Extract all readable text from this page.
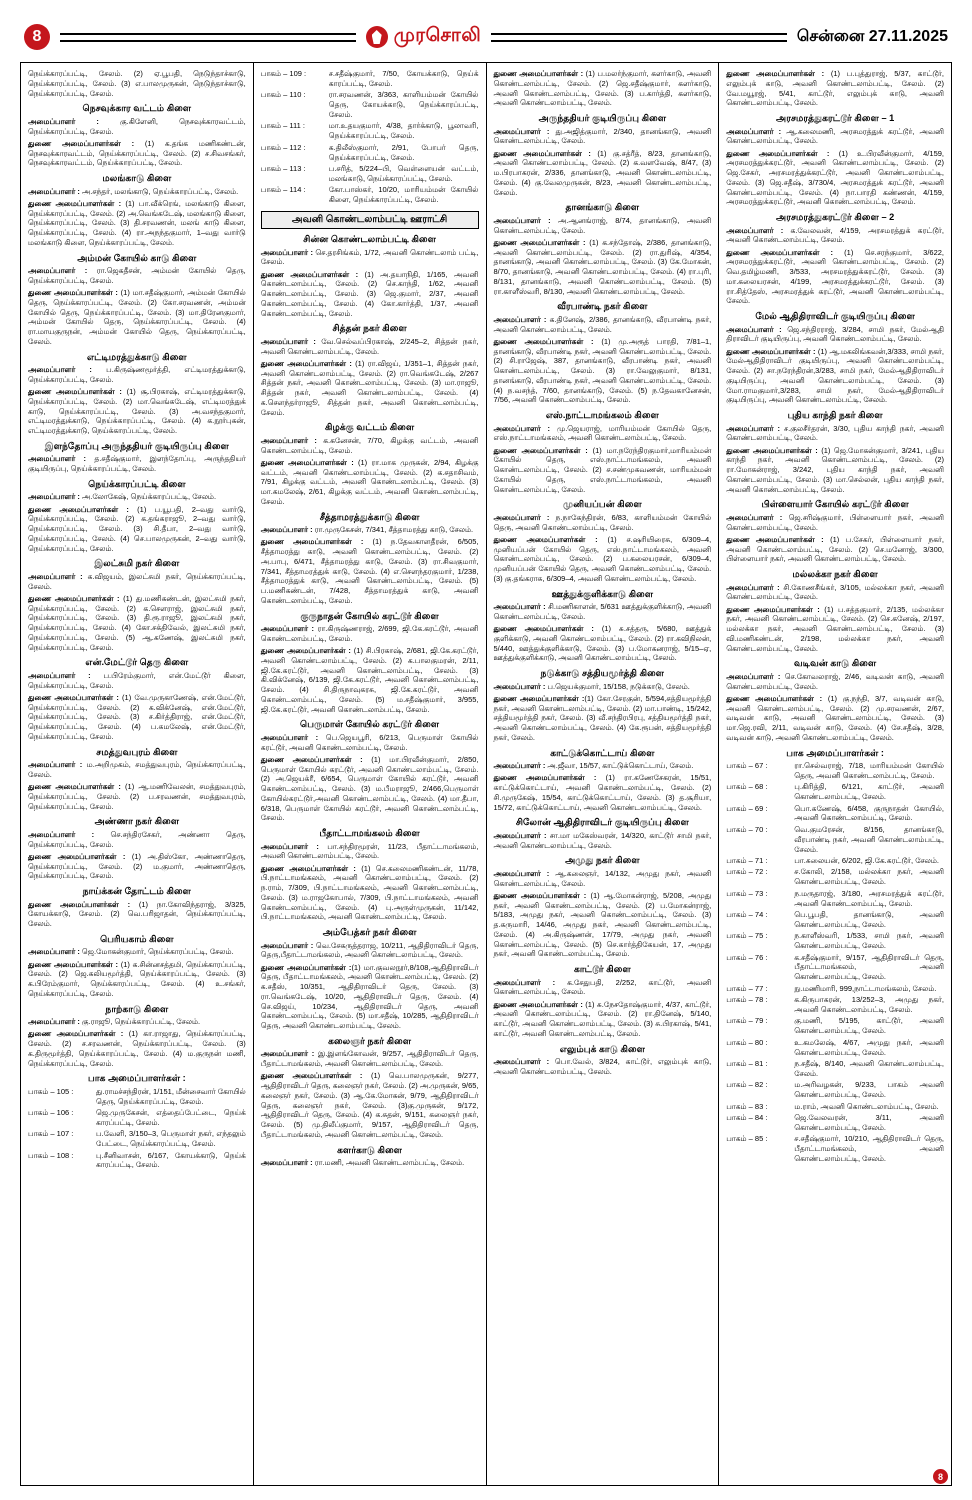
8	முரசொலி	சென்னை 27.11.2025

நெய்க்காரப்பட்டி, சேலம். (2) ஏ.பூபதி, நெடுந்தாச்காடு, நெய்க்காரப்பட்டி, சேலம். (3) எ.பாலமுருகன், நெடுந்தாச்காடு, நெய்க்காரப்பட்டி, சேலம்.

நெசவுக்கார வட்டம் கிளை

அமைப்பாளர் : கு.கிளேனி, நெசவுக்காரவட்டம், நெய்க்காரப்பட்டி, சேலம்.

துணை அமைப்பாளர்கள் : (1) க.தங்க மணிகண்டன், நெசவுக்காரவட்டம், நெய்க்காரப்பட்டி, சேலம். (2) ச.சிவசங்கர், நெசவுக்காரவட்டம், நெய்க்காரப்பட்டி, சேலம்.

மலங்காடு கிளை

அமைப்பாளர் : அ.சந்தர், மலங்காடு, நெய்க்காரப்பட்டி, சேலம்.

துணை அமைப்பாளர்கள் : (1) பா.வீக்ரெங், மலங்காடு கிளை, நெய்க்காரப்பட்டி, சேலம். (2) அ.வெங்கடேஷ், மலங்காடு கிளை, நெய்க்காரப்பட்டி, சேலம். (3) தி.சரவணன், மலங் காடு கிளை, நெய்க்காரப்பட்டி, சேலம். (4) ரா.அநந்தகுமார், 1–வது வார்டு மலங்காடு கிளை, நெய்க்காரப்பட்டி, சேலம்.

அம்மன் கோயில் காடு கிளை

அமைப்பாளர் : ரா.ஜெகதீசன், அம்மன் கோயில் தெரு, நெய்க்காரப்பட்டி, சேலம்.

துணை அமைப்பாளர்கள் : (1) மா.சதீஷ்குமார், அம்மன் கோயில் தெரு, நெய்க்காரப்பட்டி, சேலம். (2) கோ.சரவணன், அம்மன் கோயில் தெரு, நெய்க்காரப்பட்டி, சேலம். (3) மா.திரேனகுமார், அம்மன் கோயில் தெரு, நெய்க்காரப்பட்டி, சேலம். (4) ரா.மாயகுருநன், அம்மன் கோயில் தெரு, நெய்க்காரப்பட்டி, சேலம்.

எட்டிமரத்துக்காடு கிளை

அமைப்பாளர் : ப.கிருஷ்ணமூர்த்தி, எட்டிமரத்துக்காடு, நெய்க்காரப்பட்டி, சேலம்.

துணை அமைப்பாளர்கள் : (1) சூ.பிரகாஷ், எட்டிமரத்துக்காடு, நெய்க்காரப்பட்டி, சேலம். (2) மா.வெங்கடேஷ், எட்டிமரத்துக் காடு, நெய்க்காரப்பட்டி, சேலம். (3) அ.வசந்தகுமார், எட்டிமரத்துக்காடு, நெய்க்காரப்பட்டி, சேலம். (4) க.நூர்புகன், எட்டிமரத்துக்காடு, நெய்க்காரப்பட்டி, சேலம்.

இளந்தோப்பு அருந்ததியர் குடியிருப்பு கிளை

அமைப்பாளர் : த.சதீஷ்குமார், இளந்தோப்பு, அருந்ததியர் குடியிருப்பு, நெய்க்காரப்பட்டி, சேலம்.

நெய்க்காரப்பட்டி கிளை

அமைப்பாளர் : அ.லோகேஷ், நெய்க்காரப்பட்டி, சேலம்.

துணை அமைப்பாளர்கள் : (1) ப.யூபதி, 2–வது வார்டு, நெய்க்காரப்பட்டி, சேலம். (2) க.தங்கராஜூ, 2–வது வார்டு, நெய்க்காரப்பட்டி, சேலம். (3) சி.தீபா, 2–வது வார்டு, நெய்க்காரப்பட்டி, சேலம். (4) செ.பாலமுருகன், 2–வது வார்டு, நெய்க்காரப்பட்டி, சேலம்.

இலட்சுமி நகர் கிளை

அமைப்பாளர் : க.விஜயம், இலட்சுமி நகர், நெய்க்காரப்பட்டி, சேலம்.

துணை அமைப்பாளர்கள் : (1) து.மணிகண்டன், இலட்சுமி நகர், நெய்க்காரப்பட்டி, சேலம். (2) க.செளராஜ், இலட்சுமி நகர், நெய்க்காரப்பட்டி, சேலம். (3) தி.ரூ.ராஜூ, இலட்சுமி நகர், நெய்க்காரப்பட்டி, சேலம். (4) கோ.சக்திவேல், இலட்சுமி நகர், நெய்க்காரப்பட்டி, சேலம். (5) ஆ.கணேஷ், இலட்சுமி நகர், நெய்க்காரப்பட்டி, சேலம்.

என்.மேட்டூர் தெரு கிளை

அமைப்பாளர் : ப.பிரேம்குமார், என்.மேட்டூர் கிளை, நெய்க்காரப்பட்டி, சேலம்.

துணை அமைப்பாளர்கள் : (1) வே.முருகாணேஷ், என்.மேட்டூர், நெய்க்காரப்பட்டி, சேலம். (2) க.விக்னேஷ், என்.மேட்டூர், நெய்க்காரப்பட்டி, சேலம். (3) ச.கிர்த்திராஜ், என்.மேட்டூர், நெய்க்காரப்பட்டி, சேலம். (4) ப.கமலேஷ், என்.மேட்டூர், நெய்க்காரப்பட்டி, சேலம்.

சமத்துவபுரம் கிளை

அமைப்பாளர் : ம.அறிமுகம், சமத்துவபுரம், நெய்க்காரப்பட்டி, சேலம்.

துணை அமைப்பாளர்கள் : (1) ஆ.மணிவேலன், சமத்துவபுரம், நெய்க்காரப்பட்டி, சேலம். (2) ப.சரவணன், சமத்துவபுரம், நெய்க்காரப்பட்டி, சேலம்.

அண்ணா நகர் கிளை

அமைப்பாளர் : செ.சந்திரசேகர், அண்ணா தெரு, நெய்க்காரப்பட்டி, சேலம்.

துணை அமைப்பாளர்கள் : (1) அ.திஸ்கோ, அண்ணாதெரு, நெய்க்காரப்பட்டி, சேலம். (2) ம.குமார், அண்ணாதெரு, நெய்க்காரப்பட்டி, சேலம்.

நாய்க்கன் தோட்டம் கிளை

துணை அமைப்பாளர்கள் : (1) நா.கோவிந்தராஜ், 3/325, கோயக்காடு, சேலம். (2) வெ.பரிஜாதன், நெய்க்காரப்பட்டி, சேலம்.

பெரியகாம் கிளை

அமைப்பாளர் : ஜெ.மோகன்குமார், நெய்க்காரப்பட்டி, சேலம்.

துணை அமைப்பாளர்கள் : (1) க.சின்னசத்தமி, நெய்க்காரப்பட்டி, சேலம். (2) ஜெ.கலியமூர்த்தி, நெய்க்காரப்பட்டி, சேலம். (3) க.பிரேம்குமார், நெய்க்காரப்பட்டி, சேலம். (4) உ.சங்கர், நெய்க்காரப்பட்டி, சேலம்.

நாற்காடு கிளை

அமைப்பாளர் : கு.ராஜூ, நெய்க்காரப்பட்டி, சேலம்.

துணை அமைப்பாளர்கள் : (1) கா.ராஜாது, நெய்க்காரப்பட்டி, சேலம். (2) ச.சரவணன், நெய்க்காரப்பட்டி, சேலம். (3) க.திருமூர்த்தி, நெய்க்காரப்பட்டி, சேலம். (4) ம.குருநன் மணி, நெய்க்காரப்பட்டி, சேலம்.

பாக அமைப்பாளர்கள் :
பாகம் – 105 :	து.ராமச்சந்திரன், 1/151, மீன்சைவார் கோயில் தெரு, நெய்க்காரப்பட்டி, சேலம்.
பாகம் – 106 :	ஜெ.முருகேசன், எத்தைப்பேட்டை, நெய்க் காரப்பட்டி, சேலம்.
பாகம் – 107 :	ப.வேளி, 3/150–3, பெருமாள் நகர், எந்தலும் பேட்டை, நெய்க்காரப்பட்டி, சேலம்.
பாகம் – 108 :	பு.சீனிவாசன், 6/167, கோயக்காடு, நெய்க் காரப்பட்டி, சேலம்.
பாகம் – 109 :	ச.சதீஷ்குமார், 7/50, கோயக்காடு, நெய்க் காரப்பட்டி, சேலம்.
பாகம் – 110 :	ரா.சரவணன், 3/363, காளியம்மன் கோயில் தெரு, கோயக்காடு, நெய்க்காரப்பட்டி, சேலம்.
பாகம் – 111 :	மா.உதயகுமார், 4/38, தார்க்காடு, பூலாவரி, நெய்க்காரப்பட்டி, சேலம்.
பாகம் – 112 :	க.திலீஸ்குமார், 2/91, போபர் தெரு, நெய்க்காரப்பட்டி, சேலம்.
பாகம் – 113 :	ப.சரித், 5/224–பி, வெள்ளையன் வட்டம், மலங்காடு, நெய்க்காரப்பட்டி, சேலம்.
பாகம் – 114 :	கோ.பாஸ்கர், 10/20, மாரியம்மன் கோயில் கிளை, நெய்க்காரப்பட்டி, சேலம்.
அவனி கொண்டலாம்பட்டி ஊராட்சி
சின்ன கொண்டலாம்பட்டி கிளை

அமைப்பாளர் : செ.தரசிங்கம், 1/72, அவனி கொண்டலாம் பட்டி, சேலம்.

துணை அமைப்பாளர்கள் : (1) அ.தயாநிதி, 1/165, அவனி கொண்டலாம்பட்டி, சேலம். (2) செ.காந்தி, 1/62, அவனி கொண்டலாம்பட்டி, சேலம். (3) ஜெ.குமார், 2/37, அவனி கொண்டலாம்பட்டி, சேலம். (4) கோ.கார்த்தி, 1/37, அவனி கொண்டலாம்பட்டி, சேலம்.

சித்தன் நகர் கிளை

அமைப்பாளர் : வே.செல்வப்பிரகாஷ், 2/245–2, சித்தன் நகர், அவனி கொண்டலாம்பட்டி, சேலம்.

துணை அமைப்பாளர்கள் : (1) ரா.விஜய், 1/351–1, சித்தன் நகர், அவனி கொண்டலாம்பட்டி, சேலம். (2) ரா.வெங்கடேஷ், 2/267 சித்தன் நகர், அவனி கொண்டலாம்பட்டி, சேலம். (3) மா.ராஜூ, சித்தன் நகர், அவனி கொண்டலாம்பட்டி, சேலம். (4) க.செளந்தர்ராஜூ, சித்தன் நகர், அவனி கொண்டலாம்பட்டி, சேலம்.

கிழக்கு வட்டம் கிளை

அமைப்பாளர் : க.கனேசன், 7/70, கிழக்கு வட்டம், அவனி கொண்டலாம்பட்டி, சேலம்.

துணை அமைப்பாளர்கள் : (1) ரா.மாக முருகன், 2/94, கிழக்கு வட்டம், அவனி கொண்டலாம்பட்டி, சேலம். (2) க.சதாசிவம், 7/91, கிழக்கு வட்டம், அவனி கொண்டலாம்பட்டி, சேலம். (3) மா.கமலேஷ், 2/61, கிழக்கு வட்டம், அவனி கொண்டலாம்பட்டி, சேலம்.

சீத்தாமரத்துக்காடு கிளை

அமைப்பாளர் : ரா.முருகேசன், 7/341, சீத்தாமரத்து காடு, சேலம்.

துணை அமைப்பாளர்கள் : (1) ந.தேவகாளதீரன், 6/505, சீத்தாமரத்து காடு, அவனி கொண்டலாம்பட்டி, சேலம். (2) அ.பாபு, 6/471, சீத்தாமரத்து காடு, சேலம். (3) ரா.சிவகுமார், 7/341, சீத்தாமரத்துக் காடு, சேலம். (4) எ.செளந்தரகுமார், 1/238, சீத்தாமரத்துக் காடு, அவனி கொண்டலாம்பட்டி, சேலம். (5) ப.மணிகண்டன், 7/428, சீத்தாமரத்துக் காடு, அவனி கொண்டலாம்பட்டி, சேலம்.

குருநாதன் கோயில் கரட்டூர் கிளை

அமைப்பாளர் : ரா.கிருஷ்ணராஜ், 2/699, ஜி.கே.கரட்டூர், அவனி கொண்டலாம்பட்டி, சேலம்.

துணை அமைப்பாளர்கள் : (1) சி.பிரகாஷ், 2/681, ஜி.கே.கரட்டூர், அவனி கொண்டலாம்பட்டி, சேலம். (2) க.பாலகுமரன், 2/11, ஜி.கே.கரட்டூர், அவனி கொண்டலாம்பட்டி, சேலம். (3) கி.விக்னேஷ், 6/139, ஜி.கே.கரட்டூர், அவனி கொண்டலாம்பட்டி, சேலம். (4) சி.திருநாவுகரசு, ஜி.கே.கரட்டூர், அவனி கொண்டலாம்பட்டி, சேலம். (5) ம.சதீஷ்குமார், 3/955, ஜி.கே.கரட்டூர், அவனி கொண்டலாம்பட்டி, சேலம்.

பெருமாள் கோயில் கரட்டூர் கிளை

அமைப்பாளர் : பெ.ஜெயபூரி, 6/213, பெருமாள் கோயில் கரட்டூர், அவனி கொண்டலாம்பட்டி, சேலம்.

துணை அமைப்பாளர்கள் : (1) மா.பிரவீன்குமார், 2/850, பெருமாள் கோயில் கரட்டூர், அவனி கொண்டலாம்பட்டி, சேலம். (2) அ.ஜெயக்ரீ, 6/654, பெருமாள் கோயில் கரட்டூர், அவனி கொண்டலாம்பட்டி, சேலம். (3) ம.பீமராஜூ, 2/466,பெருமாள் கோயில்கரட்டூர்,அவனி கொண்டலாம்பட்டி, சேலம். (4) மா.தீபா, 6/318, பெருமாள் கோயில் கரட்டூர், அவனி கொண்டலாம்பட்டி, சேலம்.

பீதாட்டாமங்கலம் கிளை

அமைப்பாளர் : பா.சந்திரமூரன், 11/23, பீதாட்டாமங்கலம், அவனி கொண்டலாம்பட்டி, சேலம்.

துணை அமைப்பாளர்கள் : (1) செ.கலைமணிகண்டன், 11/78, பி.நாட்டாமங்கலம், அவனி கொண்டலாம்பட்டி, சேலம். (2) ந.ராம், 7/309, பி.நாட்டாமங்கலம், அவனி கொண்டலாம்பட்டி, சேலம். (3) ம.ராஜகோபால், 7/309, பி.நாட்டாமங்கலம், அவனி கொண்டலாம்பட்டி, சேலம். (4) பு.அருள்முருகன், 11/142, பி.நாட்டாமங்கலம், அவனி கொண்டலாம்பட்டி, சேலம்.

அம்பேத்கர் நகர் கிளை

அமைப்பாளர் : வெ.சேகருத்தராஜ, 10/211, ஆதிதிராவிடர் தெரு, தெரு,பீதாட்டாமங்கலம், அவனி கொண்டலாம்பட்டி, சேலம்.

துணை அமைப்பாளர்கள் :(1) மா.குவலநூர்,8/108,ஆதிதிராவிடர் தெரு, பீதாட்டாமங்கலம், அவனி கொண்டலாம்பட்டி, சேலம். (2) க.சதீஸ், 10/351, ஆதிதிராவிடர் தெரு, சேலம். (3) ரா.வெங்கடேஷ், 10/20, ஆதிதிராவிடர் தெரு, சேலம். (4) செ.விஜய், 10/234, ஆதிதிராவிடர் தெரு, அவனி கொண்டலாம்பட்டி, சேலம். (5) மா.சதீஷ், 10/285, ஆதிதிராவிடர் தெரு, அவனி கொண்டலாம்பட்டி, சேலம்.

கலைஞர் நகர் கிளை

அமைப்பாளர் : இ.இளங்கோவன், 9/257, ஆதிதிராவிடர் தெரு, பீதாட்டாமங்கலம், அவனி கொண்டலாம்பட்டி, சேலம்.

துணை அமைப்பாளர்கள் : (1) வெ.பாலமுருகன், 9/277, ஆதிதிராவிடர் தெரு, கலைஞர் நகர், சேலம். (2) அ.முருகன், 9/65, கலைஞர் நகர், சேலம். (3) ஆ.கே.மோகன், 9/79, ஆதிதிராவிடர் தெரு, கலைஞர் நகர், சேலம். (3)கு.முருகன், 9/172, ஆதிதிராவிடர் தெரு, சேலம். (4) க.சுதன், 9/151, கலைஞர் நகர், சேலம். (5) மு.திலீப்குமார், 9/157, ஆதிதிராவிடர் தெரு, பீதாட்டாமங்கலம், அவனி கொண்டலாம்பட்டி, சேலம்.

களர்காடு கிளை

அமைப்பாளர் : ரா.மணி, அவனி கொண்டலாம்பட்டி, சேலம்.

துணை அமைப்பாளர்கள் : (1) ப.மலர்ந்குமார், களர்காடு, அவனி கொண்டலாம்பட்டி, சேலம். (2) ஜெ.சதீஷ்குமார், களர்காடு, அவனி கொண்டலாம்பட்டி, சேலம். (3) ப.கார்த்தி, களர்காடு, அவனி கொண்டலாம்பட்டி, சேலம்.

அருந்ததியர் குடியிருப்பு கிளை

அமைப்பாளர் : து.அஜித்குமார், 2/340, தானங்காடு, அவனி கொண்டலாம்பட்டி, சேலம்.

துணை அமைப்பாளர்கள் : (1) கு.சத்ரீத், 8/23, தானங்காடு, அவனி கொண்டலாம்பட்டி, சேலம். (2) க.வளவேஷ், 8/47, (3) ம.பிரபாகரன், 2/336, தானங்காடு, அவனி கொண்டலாம்பட்டி, சேலம். (4) கு.வேலமுருகன், 8/23, அவனி கொண்டலாம்பட்டி, சேலம்.

தானங்காடு கிளை

அமைப்பாளர் : அ.ஆனங்ராஜ், 8/74, தானங்காடு, அவனி கொண்டலாம்பட்டி, சேலம்.

துணை அமைப்பாளர்கள் : (1) க.சந்தோஷ், 2/386, தானங்காடு, அவனி கொண்டலாம்பட்டி, சேலம். (2) ரா.துரிஷ், 4/354, தானங்காடு, அவனி கொண்டலாம்பட்டி, சேலம். (3) கே.மோகன், 8/70, தானங்காடு, அவனி கொண்டலாம்பட்டி, சேலம். (4) ரா.புரி, 8/131, தானங்காடு, அவனி கொண்டலாம்பட்டி, சேலம். (5) ரா.காளீஸ்வரி, 8/130, அவனி கொண்டலாம்பட்டி, சேலம்.

வீரபாண்டி நகர் கிளை

அமைப்பாளர் : க.தினேஷ், 2/386, தானங்காடு, வீரபாண்டி நகர், அவனி கொண்டலாம்பட்டி, சேலம்.

துணை அமைப்பாளர்கள் : (1) மு.அரூத் பாரதி, 7/81–1, தானங்காடு, வீரபாண்டி நகர், அவனி கொண்டலாம்பட்டி, சேலம். (2) சி.ராஜேஷ், 387, தானங்காடு, வீரபாண்டி நகர், அவனி கொண்டலாம்பட்டி, சேலம். (3) ரா.வேலுகுமார், 8/131, தானங்காடு, வீரபாண்டி நகர், அவனி கொண்டலாம்பட்டி, சேலம். (4) ந.வசந்த், 7/60, தானங்காடு, சேலம். (5) ந.தேவகானேசன், 7/56, அவனி கொண்டலாம்பட்டி, சேலம்.

எஸ்.நாட்டாமங்கலம் கிளை

அமைப்பாளர் : மு.ஜெயராஜ், மாரியம்மன் கோயில் தெரு, எஸ்.நாட்டாமங்கலம், அவனி கொண்டலாம்பட்டி, சேலம்.

துணை அமைப்பாளர்கள் : (1) மா.நரேந்திரகுமார்,மாரியம்மன் கோயில் தெரு, எஸ்.நாட்டாமங்கலம், அவனி கொண்டலாம்பட்டி, சேலம். (2) ச.சண்முகவணன், மாரியம்மன் கோயில் தெரு, எஸ்.நாட்டாமங்கலம், அவனி கொண்டலாம்பட்டி, சேலம்.

முனியப்பன் கிளை

அமைப்பாளர் : ந.நாகேந்திரன், 6/83, காளியம்மன் கோயில் தெரு, அவனி கொண்டலாம்பட்டி, சேலம்.

துணை அமைப்பாளர்கள் : (1) ச.ஷரியிரைசு, 6/309–4, முனியப்பன் கோயில் தெரு, எஸ்.நாட்டாமங்கலம், அவனி கொண்டலாம்பட்டி, சேலம். (2) ப.கலையரசன், 6/309–4, முனியப்பன் கோயில் தெரு, அவனி கொண்டலாம்பட்டி, சேலம். (3) கு.தங்கராசு, 6/309–4, அவனி கொண்டலாம்பட்டி, சேலம்.

ஊத்துக்குளிக்காடு கிளை

அமைப்பாளர் : சி.மணிகாளன், 5/631 ஊத்துக்குளிக்காடு, அவனி கொண்டலாம்பட்டி, சேலம்.

துணை அமைப்பாளர்கள் : (1) சு.சத்தரு, 5/680, ஊத்துக் குளிக்காடு, அவனி கொண்டலாம்பட்டி, சேலம். (2) ரா.கவிநிலன், 5/440, ஊத்துக்குளிக்காடு, சேலம். (3) ப.மோகனராஜ், 5/15–ஏ, ஊத்துக்குளிக்காடு, அவனி கொண்டலாம்பட்டி, சேலம்.

நடுக்காடு சத்தியமூர்த்தி கிளை

அமைப்பாளர் : ப.ஜெயக்குமார், 15/158, நடுக்காடு, சேலம்.

துணை அமைப்பாளர்கள் :(1) கோ.சேரகுன், 5/594,சத்தியமூர்த்தி நகர், அவனி கொண்டலாம்பட்டி, சேலம். (2) மா.பாண்டி, 15/242, சத்தியமூர்த்தி நகர், சேலம். (3) வீ.சந்திரபிரபு, சத்தியமூர்த்தி நகர், அவனி கொண்டலாம்பட்டி, சேலம். (4) கே.ரூபன், சத்தியமூர்த்தி நகர், சேலம்.

காட்டுக்கொட்டாய் கிளை

அமைப்பாளர் : அ.ஜீவா, 15/57, காட்டுக்கொட்டாய், சேலம்.

துணை அமைப்பாளர்கள் : (1) ரா.கணேசேகரன், 15/51, காட்டுக்கொட்டாய், அவனி கொண்டலாம்பட்டி, சேலம். (2) சி.முருகேஷ், 15/54, காட்டுக்கொட்டாய், சேலம். (3) த.சூரியா, 15/72, காட்டுக்கொட்டாய், அவனி கொண்டலாம்பட்டி, சேலம்.

சிலோன் ஆதிதிராவிடர் குடியிருப்பு கிளை

அமைப்பாளர் : சா.மா மகேஸ்வரன், 14/320, காட்டூர் சாமி நகர், அவனி கொண்டலாம்பட்டி, சேலம்.

அமுது நகர் கிளை

அமைப்பாளர் : ஆ.கலைஞர், 14/132, அமுது நகர், அவனி கொண்டலாம்பட்டி, சேலம்.

துணை அமைப்பாளர்கள் : (1) ஆ.மோகன்ராஜ், 5/208, அமுது நகர், அவனி கொண்டலாம்பட்டி, சேலம். (2) ப.மோகன்ராஜ், 5/183, அமுது நகர், அவனி கொண்டலாம்பட்டி, சேலம். (3) த.கருமாரி, 14/46, அமுது நகர், அவனி கொண்டலாம்பட்டி, சேலம். (4) அ.கிருஷ்ணன், 17/79, அமுது நகர், அவனி கொண்டலாம்பட்டி, சேலம். (5) செ.கார்த்திகேயன், 17, அமுது நகர், அவனி கொண்டலாம்பட்டி, சேலம்.

காட்டூர் கிளை

அமைப்பாளர் : க.சேதுபதி, 2/252, காட்டூர், அவனி கொண்டலாம்பட்டி, சேலம்.

துணை அமைப்பாளர்கள் : (1) சு.நேசதோஷ்குமார், 4/37, காட்டூர், அவனி கொண்டலாம்பட்டி, சேலம். (2) ரா.தினேஷ், 5/140, காட்டூர், அவனி கொண்டலாம்பட்டி, சேலம். (3) சு.பிரகாஷ், 5/41, காட்டூர், அவனி கொண்டலாம்பட்டி, சேலம்.

எலும்புக் காடு கிளை

அமைப்பாளர் : பொ.வேல், 3/824, காட்டூர், எலும்புக் காடு, அவனி கொண்டலாம்பட்டி, சேலம்.

துணை அமைப்பாளர்கள் : (1) ப.புத்துராஜ், 5/37, காட்டூர், எலும்புக் காடு, அவனி கொண்டலாம்பட்டி, சேலம். (2) வே.மயூரஜ், 5/41, காட்டூர், எலும்புக் காடு, அவனி கொண்டலாம்பட்டி, சேலம்.

அரசமரத்துகரட்டூர் கிளை – 1

அமைப்பாளர் : ஆ.கலைமணி, அரசமரத்துக் கரட்டூர், அவனி கொண்டலாம்பட்டி, சேலம்.

துணை அமைப்பாளர்கள் : (1) உ.பிரவீன்குமார், 4/159, அரசமரத்துக்கரட்டூர், அவனி கொண்டலாம்பட்டி, சேலம். (2) ஜெ.சேகர், அரசமரத்துக்கரட்டூர், அவனி கொண்டலாம்பட்டி, சேலம். (3) ஜெ.சதீஷ், 3/730/4, அரசமரத்துக் கரட்டூர், அவனி கொண்டலாம்பட்டி, சேலம். (4) நா.பாரதி கண்ணன், 4/159, அரசமரத்துக்கரட்டூர், அவனி கொண்டலாம்பட்டி, சேலம்.

அரசமரத்துகரட்டூர் கிளை – 2

அமைப்பாளர் : க.வேலவன், 4/159, அரசமரத்துக் கரட்டூர், அவனி கொண்டலாம்பட்டி, சேலம்.

துணை அமைப்பாளர்கள் : (1) செ.சரந்குமார், 3/622, அரசமரத்துக்கரட்டூர், அவனி கொண்டலாம்பட்டி, சேலம். (2) வெ.தமிழ்மணி, 3/533, அரசமரத்துக்கரட்டூர், சேலம். (3) மா.கலையரசன், 4/199, அரசமரத்துக்கரட்டூர், சேலம். (3) ரா.சித்தேஸ், அரசமரத்துக் கரட்டூர், அவனி கொண்டலாம்பட்டி, சேலம்.

மேல் ஆதிதிராவிடர் குடியிருப்பு கிளை

அமைப்பாளர் : ஜெ.சந்திரராஜ், 3/284, சாமி நகர், மேல்ஆதி திராவிடர் குடியிருப்பு, அவனி கொண்டலாம்பட்டி, சேலம்.

துணை அமைப்பாளர்கள் : (1) ஆ.மகலிங்கவன்,3/333, சாமி நகர், மேல்ஆதிதிராவிடர் குடியிருப்பு, அவனி கொண்டலாம்பட்டி, சேலம். (2) சா.நரேந்திரன்,3/283, சாமி நகர், மேல்ஆதிதிராவிடர் குடியிருப்பு, அவனி கொண்டலாம்பட்டி, சேலம். (3) மோ.ராமகுமார்,3/283, சாமி நகர், மேல்ஆதிதிராவிடர் குடியிருப்பு, அவனி கொண்டலாம்பட்டி, சேலம்.

புதிய காந்தி நகர் கிளை

அமைப்பாளர் : ச.குலசீர்தரன், 3/30, புதிய காந்தி நகர், அவனி கொண்டலாம்பட்டி, சேலம்.

துணை அமைப்பாளர்கள் : (1) ஜெ.மோகன்குமார், 3/241, புதிய காந்தி நகர், அவனி கொண்டலாம்பட்டி, சேலம். (2) ரா.மோகன்ராஜ், 3/242, புதிய காந்தி நகர், அவனி கொண்டலாம்பட்டி, சேலம். (3) மா.செல்லன், புதிய காந்தி நகர், அவனி கொண்டலாம்பட்டி, சேலம்.

பிள்ளையார் கோயில் கரட்டூர் கிளை

அமைப்பாளர் : ஜெ.சரிஷ்குமார், பிள்ளையார் நகர், அவனி கொண்டலாம்பட்டி, சேலம்.

துணை அமைப்பாளர்கள் : (1) ப.சேகர், பிள்ளையார் நகர், அவனி கொண்டலாம்பட்டி, சேலம். (2) செ.மனோஜ், 3/300, பிள்ளையார் நகர், அவனி கொண்டலாம்பட்டி, சேலம்.

மல்லக்கா நகர் கிளை

அமைப்பாளர் : சி.கோணசீங்கர், 3/105, மல்லக்கா நகர், அவனி கொண்டலாம்பட்டி, சேலம்.

துணை அமைப்பாளர்கள் : (1) ப.சத்தகுமார், 2/135, மல்லக்கா நகர், அவனி கொண்டலாம்பட்டி, சேலம். (2) செ.கனேஷ், 2/197, மல்லக்கா நகர், அவனி கொண்டலாம்பட்டி, சேலம். (3) வி.மணிகண்டன், 2/198, மல்லக்கா நகர், அவனி கொண்டலாம்பட்டி, சேலம்.

வடிவன் காடு கிளை

அமைப்பாளர் : செ.கோவலராஜ், 2/46, வடிவன் காடு, அவனி கொண்டலாம்பட்டி, சேலம்.

துணை அமைப்பாளர்கள் : (1) கு.நந்தி, 3/7, வடிவன் காடு, அவனி கொண்டலாம்பட்டி, சேலம். (2) மு.சரவணன், 2/67, வடிவன் காடு, அவனி கொண்டலாம்பட்டி, சேலம். (3) மா.ஜெ.ரவி, 2/11, வடிவன் காடு, சேலம். (4) சே.சதீஷ், 3/28, வடிவன் காடு, அவனி கொண்டலாம்பட்டி, சேலம்.

பாக அமைப்பாளர்கள் :
பாகம் – 67 :	ரா.செல்வராஜ், 7/18, மாரியம்மன் கோயில் தெரு, அவனி கொண்டலாம்பட்டி, சேலம்.
பாகம் – 68 :	பு.கிரித்தி, 6/121, காட்டூர், அவனி கொண்டலாம்பட்டி, சேலம்.
பாகம் – 69 :	பொ.கணேஷ், 6/458, குருநாதன் கோயில், அவனி கொண்டலாம்பட்டி, சேலம்.
பாகம் – 70 :	வெ.குமரேசன், 8/156, தானங்காடு, வீரபாண்டி நகர், அவனி கொண்டலாம்பட்டி, சேலம்.
பாகம் – 71 :	பா.சுலையன், 6/202, ஜி.கே.கரட்டூர், சேலம்.
பாகம் – 72 :	ச.கோலி, 2/158, மல்லக்கா நகர், அவனி கொண்டலாம்பட்டி, சேலம்.
பாகம் – 73 :	ந.மருதாரஜ், 3/180, அரசமரத்துக் கரட்டூர், அவனி கொண்டலாம்பட்டி, சேலம்.
பாகம் – 74 :	பெ.பூபதி, தானங்காடு, அவனி கொண்டலாம்பட்டி, சேலம்.
பாகம் – 75 :	ந.காளீஸ்வரி, 1/533, சாமி நகர், அவனி கொண்டலாம்பட்டி, சேலம்.
பாகம் – 76 :	க.சதீஷ்குமார், 9/157, ஆதிதிராவிடர் தெரு, பீதாட்டாமங்கலம், அவனி கொண்டலாம்பட்டி, சேலம்.
பாகம் – 77 :	நு.மணிமாரி, 999,நாட்டாமங்கலம், சேலம்.
பாகம் – 78 :	க.கிருபாகரன், 13/252–3, அமுது நகர், அவனி கொண்டலாம்பட்டி, சேலம்.
பாகம் – 79 :	கு.மணி, 5/195, காட்டூர், அவனி கொண்டலாம்பட்டி, சேலம்.
பாகம் – 80 :	உ.கமலேஷ், 4/67, அமுது நகர், அவனி கொண்டலாம்பட்டி, சேலம்.
பாகம் – 81 :	ந.சதீஷ், 8/140, அவனி கொண்டலாம்பட்டி, சேலம்.
பாகம் – 82 :	ம.அரிவழகன், 9/233, பாகம் அவனி கொண்டலாம்பட்டி, சேலம்.
பாகம் – 83 :	ம.ராம், அவனி கொண்டலாம்பட்டி, சேலம்.
பாகம் – 84 :	ஜெ.வேலவரன், 3/11, அவனி கொண்டலாம்பட்டி, சேலம்.
பாகம் – 85 :	ச.சதீஷ்குமார், 10/210, ஆதிதிராவிடர் தெரு, பீதாட்டாமங்கலம், அவனி கொண்டலாம்பட்டி, சேலம்.
8
